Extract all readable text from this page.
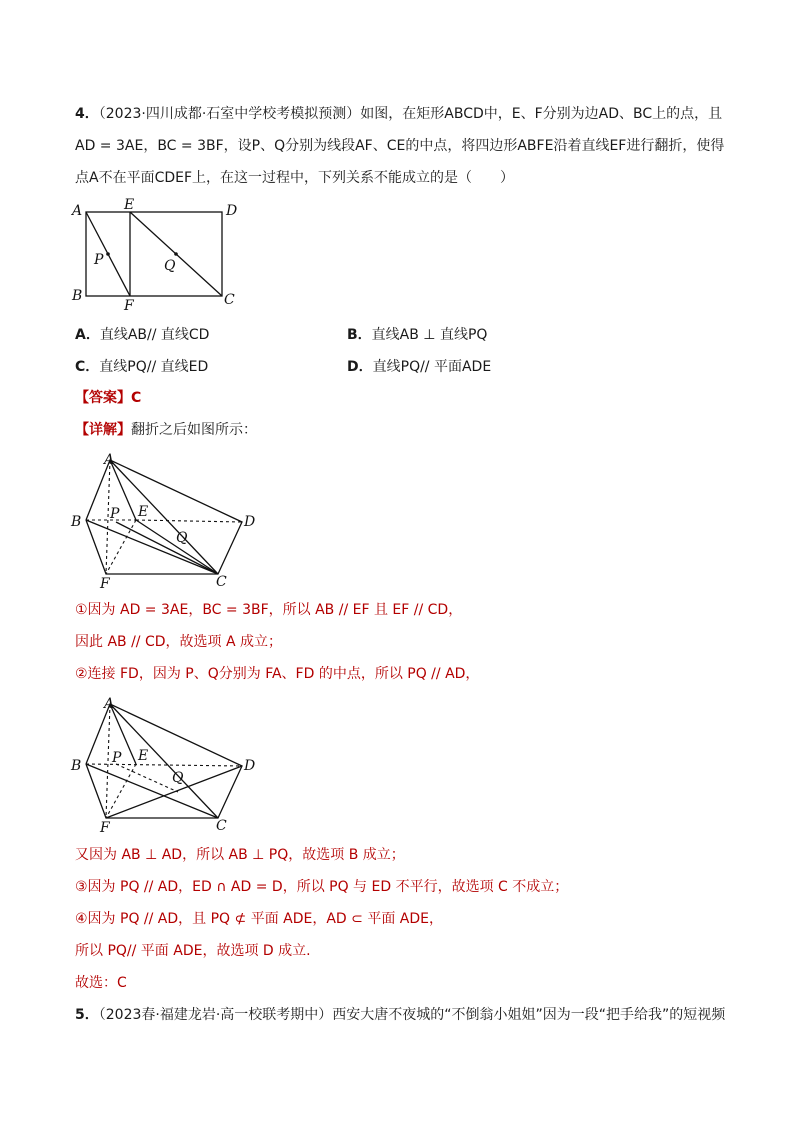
4．（2023·四川成都·石室中学校考模拟预测）如图，在矩形ABCD中，E、F分别为边AD、BC上的点，且
AD = 3AE，BC = 3BF，设P、Q分别为线段AF、CE的中点，将四边形ABFE沿着直线EF进行翻折，使得
点A不在平面CDEF上，在这一过程中，下列关系不能成立的是（　　）
A	E	D
B
F	C
P	Q
A．直线AB// 直线CD	B．直线AB ⊥ 直线PQ
C．直线PQ// 直线ED	D．直线PQ// 平面ADE
【答案】C
【详解】翻折之后如图所示：
A
B P E
D
Q
F	C
①因为 AD = 3AE，BC = 3BF，所以 AB // EF 且 EF // CD，
因此 AB // CD，故选项 A 成立；
②连接 FD，因为 P、Q分别为 FA、FD 的中点，所以 PQ // AD，
A
B P E
D
Q
F	C
又因为 AB ⊥ AD，所以 AB ⊥ PQ，故选项 B 成立；
③因为 PQ // AD，ED ∩ AD = D，所以 PQ 与 ED 不平行，故选项 C 不成立；
④因为 PQ // AD，且 PQ ⊄ 平面 ADE，AD ⊂ 平面 ADE，
所以 PQ// 平面 ADE，故选项 D 成立.
故选：C
5．（2023春·福建龙岩·高一校联考期中）西安大唐不夜城的“不倒翁小姐姐”因为一段“把手给我”的短视频
